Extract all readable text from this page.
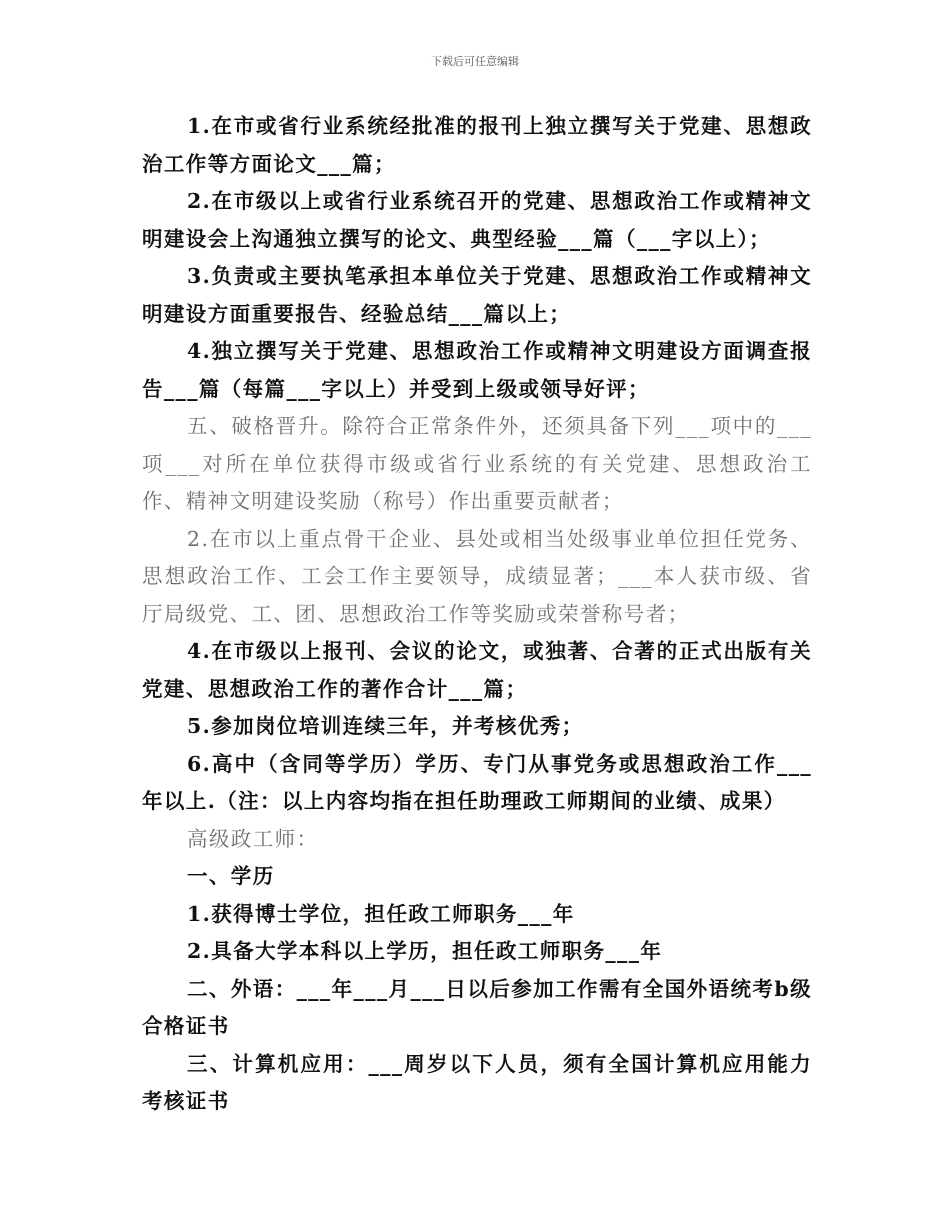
下载后可任意编辑

1.在市或省行业系统经批准的报刊上独立撰写关于党建、思想政治工作等方面论文___篇；

2.在市级以上或省行业系统召开的党建、思想政治工作或精神文明建设会上沟通独立撰写的论文、典型经验___篇（___字以上）；

3.负责或主要执笔承担本单位关于党建、思想政治工作或精神文明建设方面重要报告、经验总结___篇以上；

4.独立撰写关于党建、思想政治工作或精神文明建设方面调查报告___篇（每篇___字以上）并受到上级或领导好评；

五、破格晋升。除符合正常条件外，还须具备下列___项中的___项___对所在单位获得市级或省行业系统的有关党建、思想政治工作、精神文明建设奖励（称号）作出重要贡献者；

2.在市以上重点骨干企业、县处或相当处级事业单位担任党务、思想政治工作、工会工作主要领导，成绩显著；___本人获市级、省厅局级党、工、团、思想政治工作等奖励或荣誉称号者；

4.在市级以上报刊、会议的论文，或独著、合著的正式出版有关党建、思想政治工作的著作合计___篇；

5.参加岗位培训连续三年，并考核优秀；

6.高中（含同等学历）学历、专门从事党务或思想政治工作___年以上.（注：以上内容均指在担任助理政工师期间的业绩、成果）

高级政工师：

一、学历

1.获得博士学位，担任政工师职务___年

2.具备大学本科以上学历，担任政工师职务___年

二、外语：___年___月___日以后参加工作需有全国外语统考b级合格证书

三、计算机应用：___周岁以下人员，须有全国计算机应用能力考核证书
